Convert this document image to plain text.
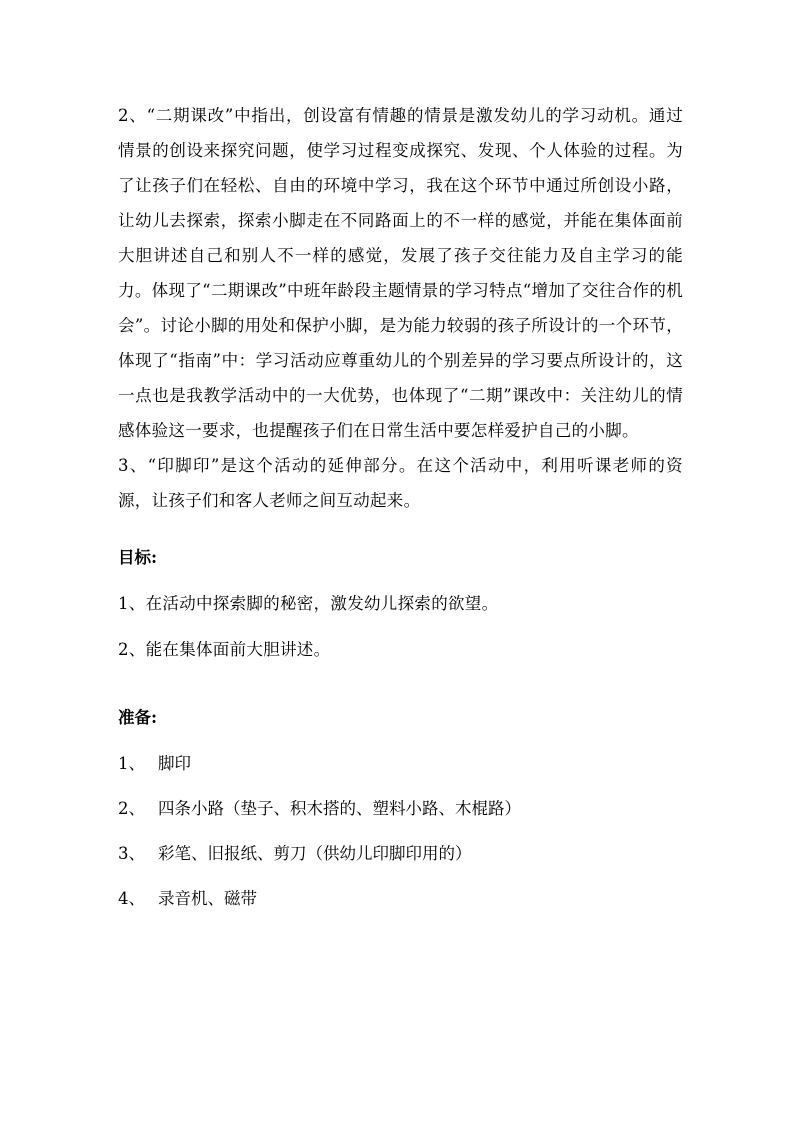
2、“二期课改”中指出，创设富有情趣的情景是激发幼儿的学习动机。通过情景的创设来探究问题，使学习过程变成探究、发现、个人体验的过程。为了让孩子们在轻松、自由的环境中学习，我在这个环节中通过所创设小路，让幼儿去探索，探索小脚走在不同路面上的不一样的感觉，并能在集体面前大胆讲述自己和别人不一样的感觉，发展了孩子交往能力及自主学习的能力。体现了“二期课改”中班年龄段主题情景的学习特点“增加了交往合作的机会”。讨论小脚的用处和保护小脚，是为能力较弱的孩子所设计的一个环节，体现了“指南”中：学习活动应尊重幼儿的个别差异的学习要点所设计的，这一点也是我教学活动中的一大优势，也体现了“二期”课改中：关注幼儿的情感体验这一要求，也提醒孩子们在日常生活中要怎样爱护自己的小脚。

3、“印脚印”是这个活动的延伸部分。在这个活动中，利用听课老师的资源，让孩子们和客人老师之间互动起来。

目标:

1、在活动中探索脚的秘密，激发幼儿探索的欲望。

2、能在集体面前大胆讲述。

准备:

1、 脚印

2、 四条小路（垫子、积木搭的、塑料小路、木棍路）

3、 彩笔、旧报纸、剪刀（供幼儿印脚印用的）

4、 录音机、磁带
